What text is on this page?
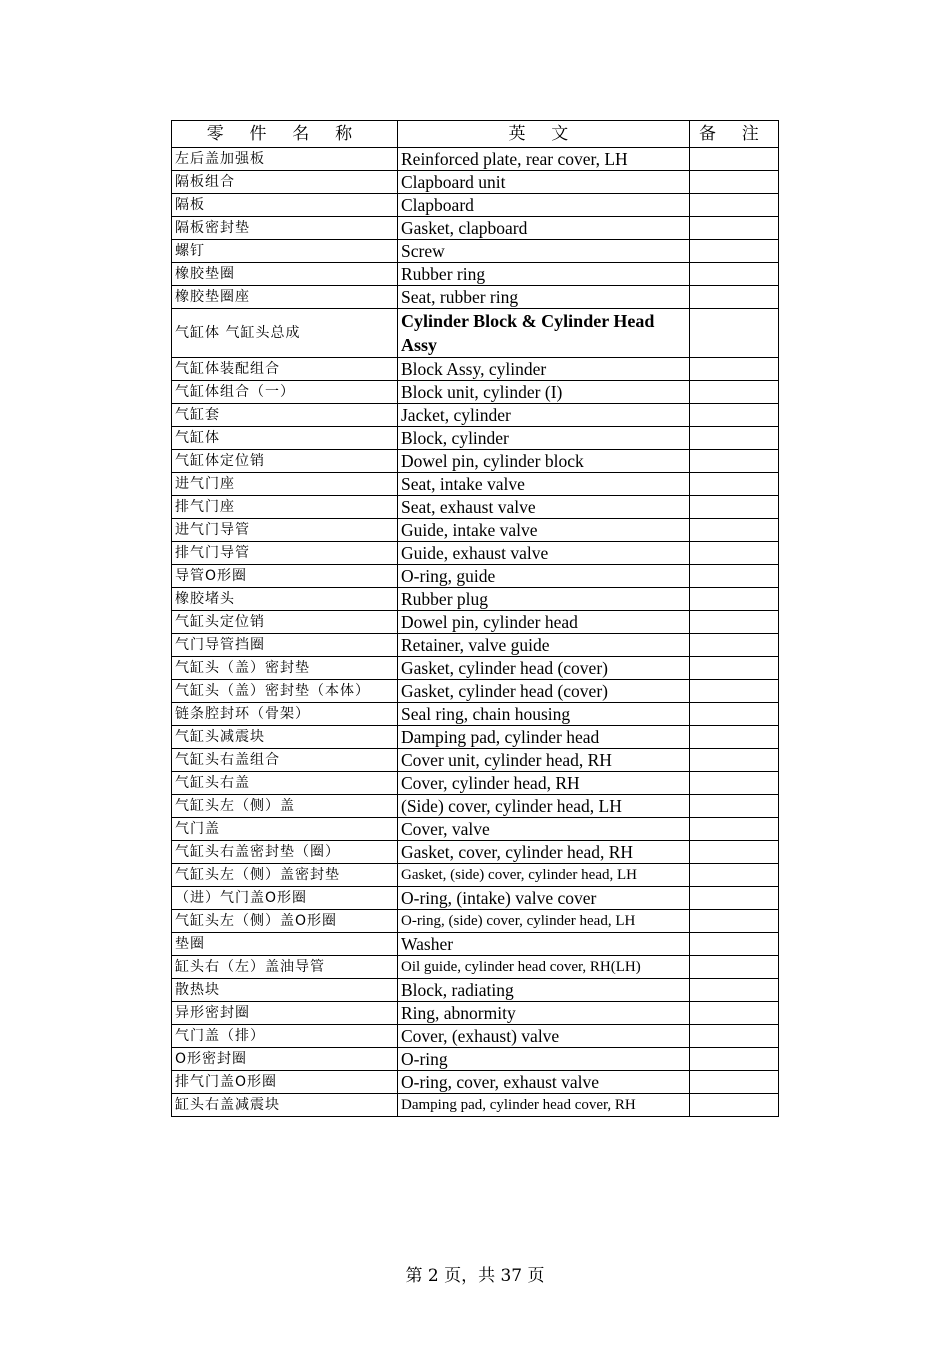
零 件 名 称	英 文	备 注
左后盖加强板	Reinforced plate, rear cover, LH	
隔板组合	Clapboard unit	
隔板	Clapboard	
隔板密封垫	Gasket, clapboard	
螺钉	Screw	
橡胶垫圈	Rubber ring	
橡胶垫圈座	Seat, rubber ring	
气缸体 气缸头总成	Cylinder Block & Cylinder Head Assy	
气缸体装配组合	Block Assy, cylinder	
气缸体组合（一）	Block unit, cylinder (I)	
气缸套	Jacket, cylinder	
气缸体	Block, cylinder	
气缸体定位销	Dowel pin, cylinder block	
进气门座	Seat, intake valve	
排气门座	Seat, exhaust valve	
进气门导管	Guide, intake valve	
排气门导管	Guide, exhaust valve	
导管O形圈	O-ring, guide	
橡胶堵头	Rubber plug	
气缸头定位销	Dowel pin, cylinder head	
气门导管挡圈	Retainer, valve guide	
气缸头（盖）密封垫	Gasket, cylinder head (cover)	
气缸头（盖）密封垫（本体）	Gasket, cylinder head (cover)	
链条腔封环（骨架）	Seal ring, chain housing	
气缸头减震块	Damping pad, cylinder head	
气缸头右盖组合	Cover unit, cylinder head, RH	
气缸头右盖	Cover, cylinder head, RH	
气缸头左（侧）盖	(Side) cover, cylinder head, LH	
气门盖	Cover, valve	
气缸头右盖密封垫（圈）	Gasket, cover, cylinder head, RH	
气缸头左（侧）盖密封垫	Gasket, (side) cover, cylinder head, LH	
（进）气门盖O形圈	O-ring, (intake) valve cover	
气缸头左（侧）盖O形圈	O-ring, (side) cover, cylinder head, LH	
垫圈	Washer	
缸头右（左）盖油导管	Oil guide, cylinder head cover, RH(LH)	
散热块	Block, radiating	
异形密封圈	Ring, abnormity	
气门盖（排）	Cover, (exhaust) valve	
O形密封圈	O-ring	
排气门盖O形圈	O-ring, cover, exhaust valve	
缸头右盖减震块	Damping pad, cylinder head cover, RH	
第 2 页，共 37 页
